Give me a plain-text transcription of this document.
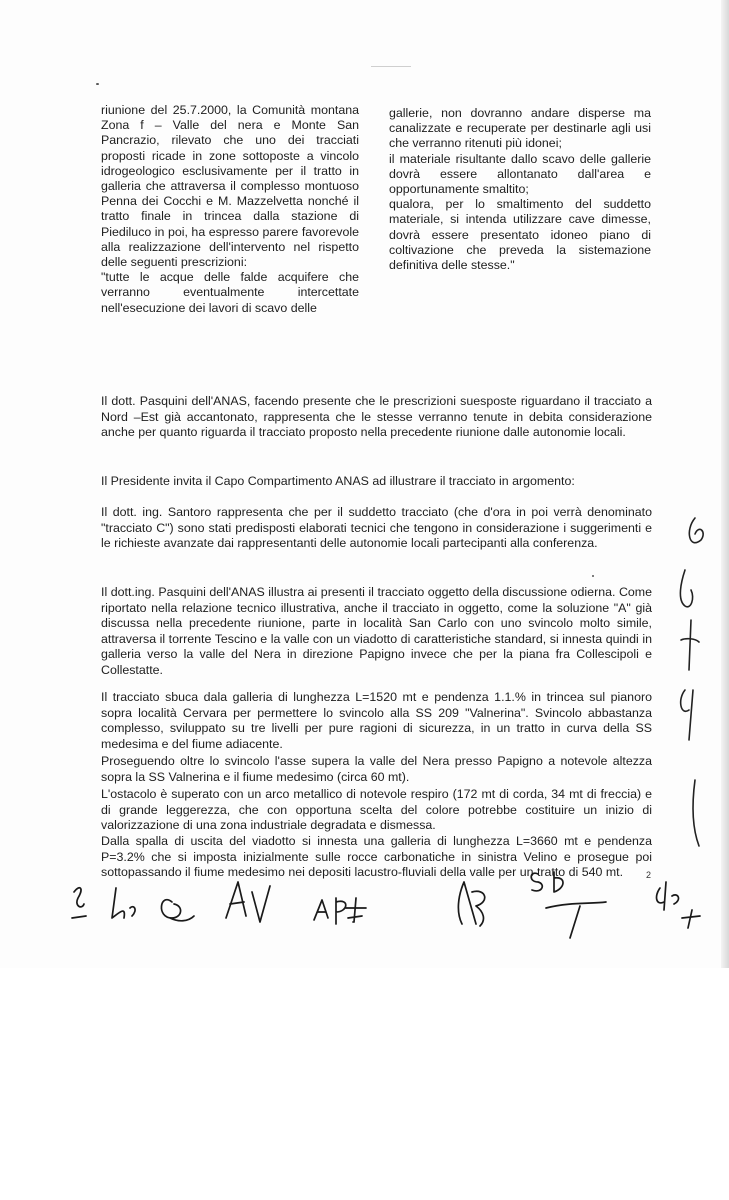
riunione del 25.7.2000, la Comunità montana Zona f – Valle del nera e Monte San Pancrazio, rilevato che uno dei tracciati proposti ricade in zone sottoposte a vincolo idrogeologico esclusivamente per il tratto in galleria che attraversa il complesso montuoso Penna dei Cocchi e M. Mazzelvetta nonché il tratto finale in trincea dalla stazione di Piediluco in poi, ha espresso parere favorevole alla realizzazione dell'intervento nel rispetto delle seguenti prescrizioni:

"tutte le acque delle falde acquifere che verranno eventualmente intercettate nell'esecuzione dei lavori di scavo delle

gallerie, non dovranno andare disperse ma canalizzate e recuperate per destinarle agli usi che verranno ritenuti più idonei;

il materiale risultante dallo scavo delle gallerie dovrà essere allontanato dall'area e opportunamente smaltito;

qualora, per lo smaltimento del suddetto materiale, si intenda utilizzare cave dimesse, dovrà essere presentato idoneo piano di coltivazione che preveda la sistemazione definitiva delle stesse."

Il dott. Pasquini dell'ANAS, facendo presente che le prescrizioni suesposte riguardano il tracciato a Nord –Est già accantonato, rappresenta che le stesse verranno tenute in debita considerazione anche per quanto riguarda il tracciato proposto nella precedente riunione dalle autonomie locali.

Il Presidente invita il Capo Compartimento ANAS ad illustrare il tracciato in argomento:

Il dott. ing. Santoro rappresenta che per il suddetto tracciato (che d'ora in poi verrà denominato "tracciato C") sono stati predisposti elaborati tecnici che tengono in considerazione i suggerimenti e le richieste avanzate dai rappresentanti delle autonomie locali partecipanti alla conferenza.

Il dott.ing. Pasquini dell'ANAS illustra ai presenti il tracciato oggetto della discussione odierna. Come riportato nella relazione tecnico illustrativa, anche il tracciato in oggetto, come la soluzione "A" già discussa nella precedente riunione, parte in località San Carlo con uno svincolo molto simile, attraversa il torrente Tescino e la valle con un viadotto di caratteristiche standard, si innesta quindi in galleria verso la valle del Nera in direzione Papigno invece che per la piana fra Collescipoli e Collestatte.

Il tracciato sbuca dala galleria di lunghezza L=1520 mt e pendenza 1.1.% in trincea sul pianoro sopra località Cervara per permettere lo svincolo alla SS 209 "Valnerina". Svincolo abbastanza complesso, sviluppato su tre livelli per pure ragioni di sicurezza, in un tratto in curva della SS medesima e del fiume adiacente.

Proseguendo oltre lo svincolo l'asse supera la valle del Nera presso Papigno a notevole altezza sopra la SS Valnerina e il fiume medesimo (circa 60 mt).

L'ostacolo è superato con un arco metallico di notevole respiro (172 mt di corda, 34 mt di freccia) e di grande leggerezza, che con opportuna scelta del colore potrebbe costituire un inizio di valorizzazione di una zona industriale degradata e dismessa.

Dalla spalla di uscita del viadotto si innesta una galleria di lunghezza L=3660 mt e pendenza P=3.2% che si imposta inizialmente sulle rocce carbonatiche in sinistra Velino e prosegue poi sottopassando il fiume medesimo nei depositi lacustro-fluviali della valle per un tratto di 540 mt.	2
